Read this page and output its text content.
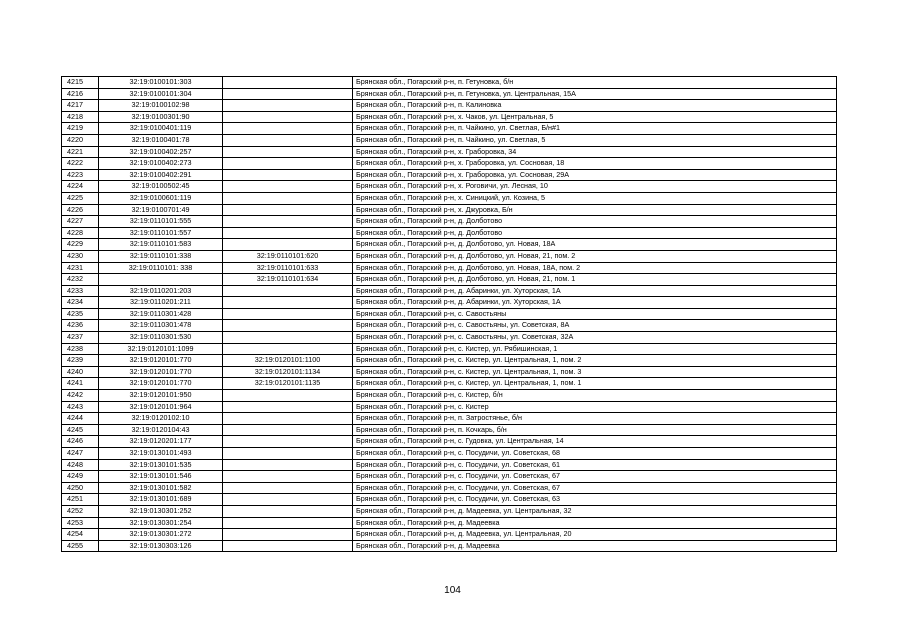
4215	32:19:0100101:303		Брянская обл., Погарский р-н, п. Гетуновка, б/н
4216	32:19:0100101:304		Брянская обл., Погарский р-н, п. Гетуновка, ул. Центральная, 15А
4217	32:19:0100102:98		Брянская обл., Погарский р-н, п. Калиновка
4218	32:19:0100301:90		Брянская обл., Погарский р-н, х. Чаков, ул. Центральная, 5
4219	32:19:0100401:119		Брянская обл., Погарский р-н, п. Чайкино, ул. Светлая, Б/н#1
4220	32:19:0100401:78		Брянская обл., Погарский р-н, п. Чайкино, ул. Светлая, 5
4221	32:19:0100402:257		Брянская обл., Погарский р-н, х. Граборовка, 34
4222	32:19:0100402:273		Брянская обл., Погарский р-н, х. Граборовка, ул. Сосновая, 18
4223	32:19:0100402:291		Брянская обл., Погарский р-н, х. Граборовка, ул. Сосновая, 29А
4224	32:19:0100502:45		Брянская обл., Погарский р-н, х. Роговичи, ул. Лесная, 10
4225	32:19:0100601:119		Брянская обл., Погарский р-н, х. Синицкий, ул. Козина, 5
4226	32:19:0100701:49		Брянская обл., Погарский р-н, х. Джуровка, Б/н
4227	32:19:0110101:555		Брянская обл., Погарский р-н, д. Долботово
4228	32:19:0110101:557		Брянская обл., Погарский р-н, д. Долботово
4229	32:19:0110101:583		Брянская обл., Погарский р-н, д. Долботово, ул. Новая, 18А
4230	32:19:0110101:338	32:19:0110101:620	Брянская обл., Погарский р-н, д. Долботово, ул. Новая, 21, пом. 2
4231	32:19:0110101: 338	32:19:0110101:633	Брянская обл., Погарский р-н, д. Долботово, ул. Новая, 18А, пом. 2
4232		32:19:0110101:634	Брянская обл., Погарский р-н, д. Долботово, ул. Новая, 21, пом. 1
4233	32:19:0110201:203		Брянская обл., Погарский р-н, д. Абаринки, ул. Хуторская, 1А
4234	32:19:0110201:211		Брянская обл., Погарский р-н, д. Абаринки, ул. Хуторская, 1А
4235	32:19:0110301:428		Брянская обл., Погарский р-н, с. Савостьяны
4236	32:19:0110301:478		Брянская обл., Погарский р-н, с. Савостьяны, ул. Советская, 8А
4237	32:19:0110301:530		Брянская обл., Погарский р-н, с. Савостьяны, ул. Советская, 32А
4238	32:19:0120101:1099		Брянская обл., Погарский р-н, с. Кистер, ул. Рябишинская, 1
4239	32:19:0120101:770	32:19:0120101:1100	Брянская обл., Погарский р-н, с. Кистер, ул. Центральная, 1, пом. 2
4240	32:19:0120101:770	32:19:0120101:1134	Брянская обл., Погарский р-н, с. Кистер, ул. Центральная, 1, пом. 3
4241	32:19:0120101:770	32:19:0120101:1135	Брянская обл., Погарский р-н, с. Кистер, ул. Центральная, 1, пом. 1
4242	32:19:0120101:950		Брянская обл., Погарский р-н, с. Кистер, б/н
4243	32:19:0120101:964		Брянская обл., Погарский р-н, с. Кистер
4244	32:19:0120102:10		Брянская обл., Погарский р-н, п. Затростянье, б/н
4245	32:19:0120104:43		Брянская обл., Погарский р-н, п. Кочкарь, б/н
4246	32:19:0120201:177		Брянская обл., Погарский р-н, с. Гудовка, ул. Центральная, 14
4247	32:19:0130101:493		Брянская обл., Погарский р-н, с. Посудичи, ул. Советская, 68
4248	32:19:0130101:535		Брянская обл., Погарский р-н, с. Посудичи, ул. Советская, 61
4249	32:19:0130101:546		Брянская обл., Погарский р-н, с. Посудичи, ул. Советская, 67
4250	32:19:0130101:582		Брянская обл., Погарский р-н, с. Посудичи, ул. Советская, 67
4251	32:19:0130101:689		Брянская обл., Погарский р-н, с. Посудичи, ул. Советская, 63
4252	32:19:0130301:252		Брянская обл., Погарский р-н, д. Мадеевка, ул. Центральная, 32
4253	32:19:0130301:254		Брянская обл., Погарский р-н, д. Мадеевка
4254	32:19:0130301:272		Брянская обл., Погарский р-н, д. Мадеевка, ул. Центральная, 20
4255	32:19:0130303:126		Брянская обл., Погарский р-н, д. Мадеевка
104
